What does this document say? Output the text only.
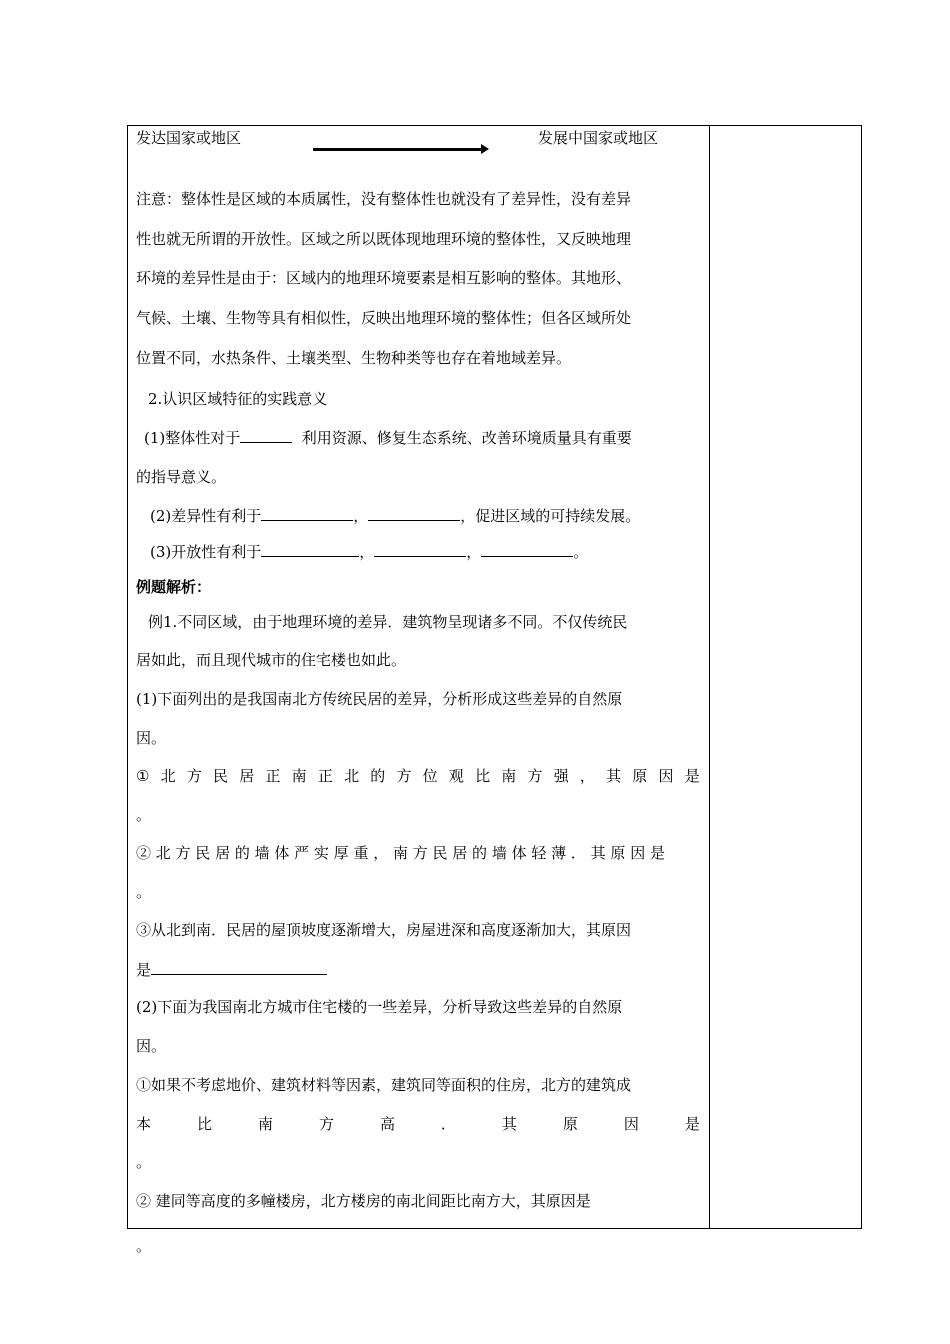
发达国家或地区	发展中国家或地区
注意：整体性是区域的本质属性，没有整体性也就没有了差异性，没有差异
性也就无所谓的开放性。区域之所以既体现地理环境的整体性，又反映地理
环境的差异性是由于：区域内的地理环境要素是相互影响的整体。其地形、
气候、土壤、生物等具有相似性，反映出地理环境的整体性；但各区域所处
位置不同，水热条件、土壤类型、生物种类等也存在着地域差异。
2.认识区域特征的实践意义
(1)整体性对于	利用资源、修复生态系统、改善环境质量具有重要
的指导意义。
(2)差异性有利于	，	，促进区域的可持续发展。
(3)开放性有利于	，	，	。
例题解析：
例1.不同区域，由于地理环境的差异．建筑物呈现诸多不同。不仅传统民
居如此，而且现代城市的住宅楼也如此。
(1)下面列出的是我国南北方传统民居的差异，分析形成这些差异的自然原
因。
① 北 方 民 居 正 南 正 北 的 方 位 观 比 南 方 强 ， 其 原 因 是
。
② 北 方 民 居 的 墙 体 严 实 厚 重 ， 南 方 民 居 的 墙 体 轻 薄 ． 其 原 因 是
。
③从北到南．民居的屋顶坡度逐渐增大，房屋进深和高度逐渐加大，其原因
是
(2)下面为我国南北方城市住宅楼的一些差异，分析导致这些差异的自然原
因。
①如果不考虑地价、建筑材料等因素，建筑同等面积的住房，北方的建筑成
本	比	南	方	高	．	其	原	因	是
。
② 建同等高度的多幢楼房，北方楼房的南北间距比南方大，其原因是
。
